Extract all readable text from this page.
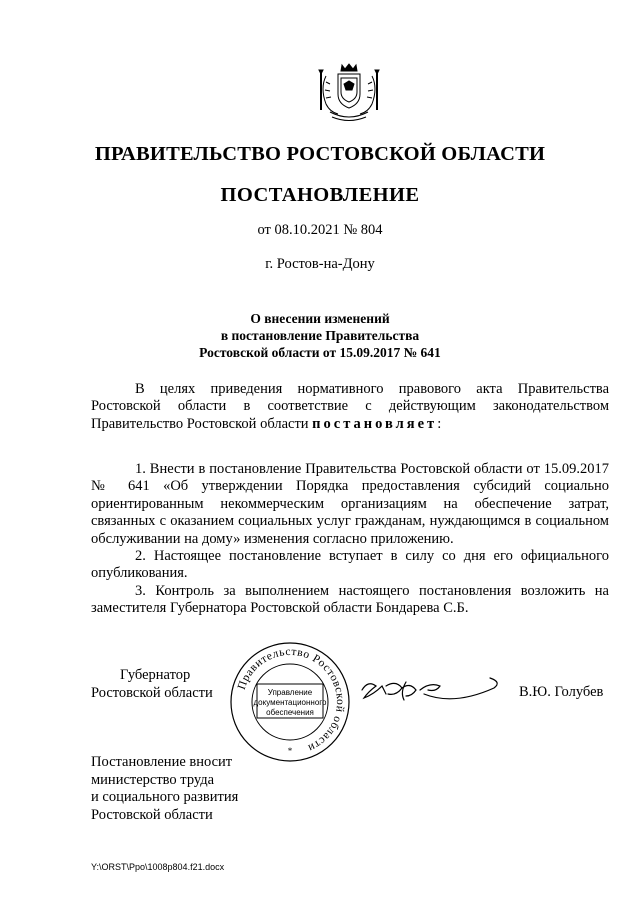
ПРАВИТЕЛЬСТВО РОСТОВСКОЙ ОБЛАСТИ
ПОСТАНОВЛЕНИЕ
от 08.10.2021 № 804
г. Ростов-на-Дону
О внесении изменений
в постановление Правительства
Ростовской области от 15.09.2017 № 641

В целях приведения нормативного правового акта Правительства Ростовской области в соответствие с действующим законодательством Правительство Ростовской области постановляет:

1. Внести в постановление Правительства Ростовской области от 15.09.2017 № 641 «Об утверждении Порядка предоставления субсидий социально ориентированным некоммерческим организациям на обеспечение затрат, связанных с оказанием социальных услуг гражданам, нуждающимся в социальном обслуживании на дому» изменения согласно приложению.

2. Настоящее постановление вступает в силу со дня его официального опубликования.

3. Контроль за выполнением настоящего постановления возложить на заместителя Губернатора Ростовской области Бондарева С.Б.

Губернатор
Ростовской области Правительство Ростовской области
Управление
документационного
обеспечения
*
В.Ю. Голубев
Постановление вносит
министерство труда
и социального развития
Ростовской области
Y:\ORST\Ppo\1008p804.f21.docx
